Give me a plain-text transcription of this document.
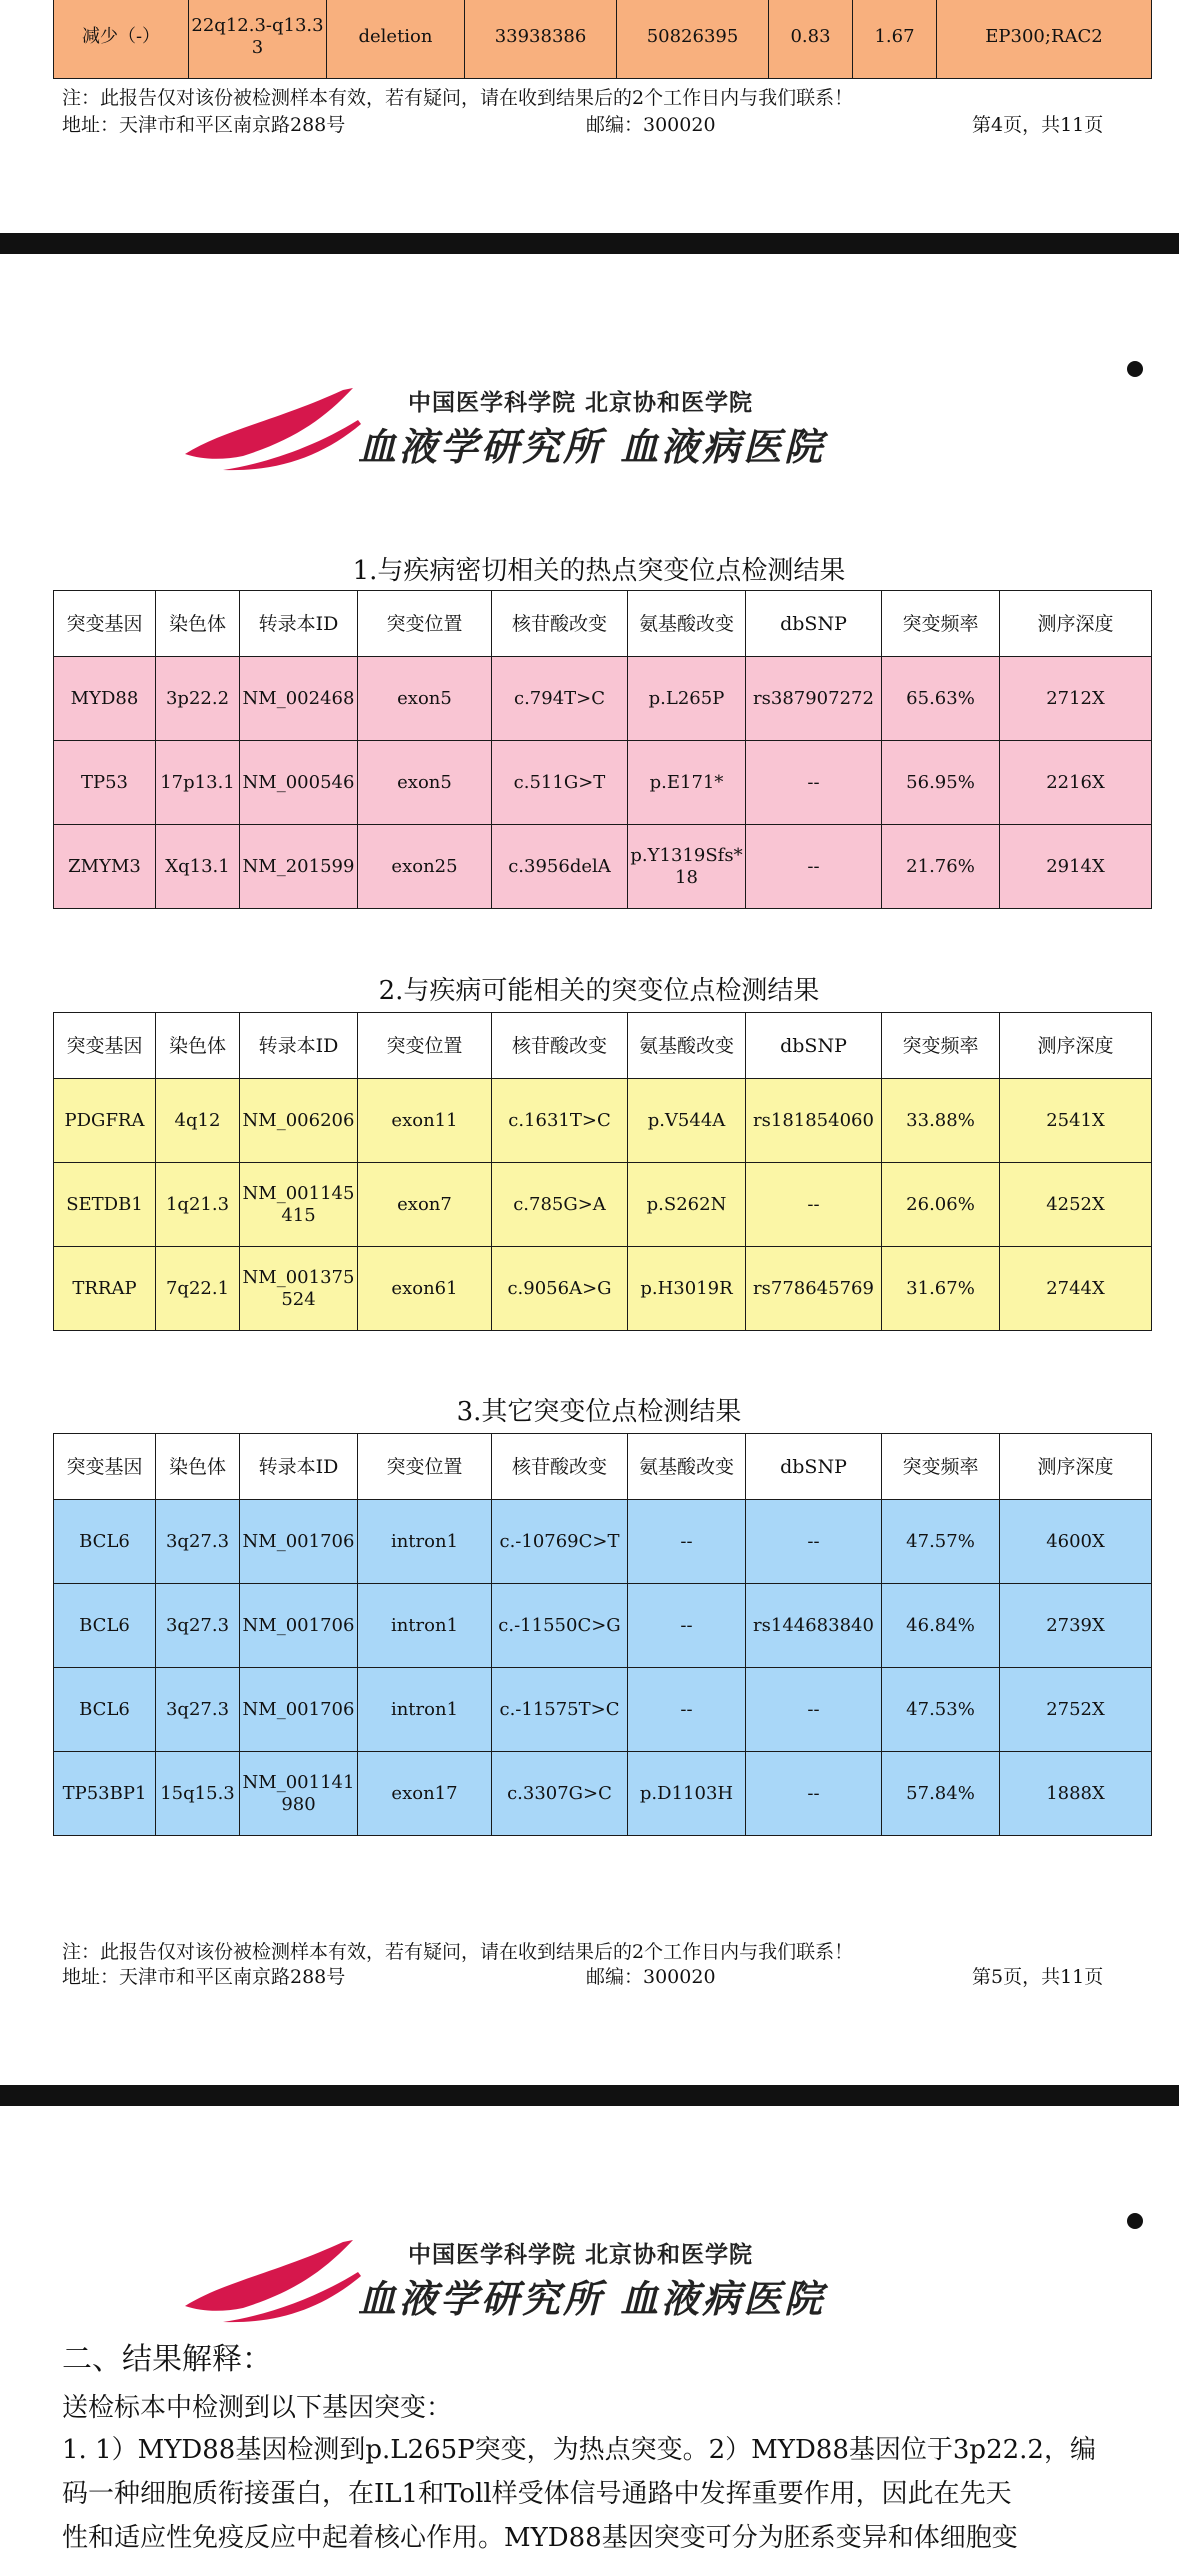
减少（-）	22q12.3-q13.33	deletion	33938386	50826395	0.83	1.67	EP300;RAC2
注：此报告仅对该份被检测样本有效，若有疑问，请在收到结果后的2个工作日内与我们联系！
地址：天津市和平区南京路288号	邮编：300020	第4页，共11页
中国医学科学院 北京协和医学院
血液学研究所 血液病医院
1.与疾病密切相关的热点突变位点检测结果
突变基因	染色体	转录本ID	突变位置	核苷酸改变	氨基酸改变	dbSNP	突变频率	测序深度
MYD88	3p22.2	NM_002468	exon5	c.794T>C	p.L265P	rs387907272	65.63%	2712X
TP53	17p13.1	NM_000546	exon5	c.511G>T	p.E171*	--	56.95%	2216X
ZMYM3	Xq13.1	NM_201599	exon25	c.3956delA	p.Y1319Sfs*18	--	21.76%	2914X
2.与疾病可能相关的突变位点检测结果
突变基因	染色体	转录本ID	突变位置	核苷酸改变	氨基酸改变	dbSNP	突变频率	测序深度
PDGFRA	4q12	NM_006206	exon11	c.1631T>C	p.V544A	rs181854060	33.88%	2541X
SETDB1	1q21.3	NM_001145415	exon7	c.785G>A	p.S262N	--	26.06%	4252X
TRRAP	7q22.1	NM_001375524	exon61	c.9056A>G	p.H3019R	rs778645769	31.67%	2744X
3.其它突变位点检测结果
突变基因	染色体	转录本ID	突变位置	核苷酸改变	氨基酸改变	dbSNP	突变频率	测序深度
BCL6	3q27.3	NM_001706	intron1	c.-10769C>T	--	--	47.57%	4600X
BCL6	3q27.3	NM_001706	intron1	c.-11550C>G	--	rs144683840	46.84%	2739X
BCL6	3q27.3	NM_001706	intron1	c.-11575T>C	--	--	47.53%	2752X
TP53BP1	15q15.3	NM_001141980	exon17	c.3307G>C	p.D1103H	--	57.84%	1888X
注：此报告仅对该份被检测样本有效，若有疑问，请在收到结果后的2个工作日内与我们联系！
地址：天津市和平区南京路288号	邮编：300020	第5页，共11页
中国医学科学院 北京协和医学院
血液学研究所 血液病医院
二、结果解释：
送检标本中检测到以下基因突变：
1. 1）MYD88基因检测到p.L265P突变，为热点突变。2）MYD88基因位于3p22.2，编
码一种细胞质衔接蛋白，在IL1和Toll样受体信号通路中发挥重要作用，因此在先天
性和适应性免疫反应中起着核心作用。MYD88基因突变可分为胚系变异和体细胞变
